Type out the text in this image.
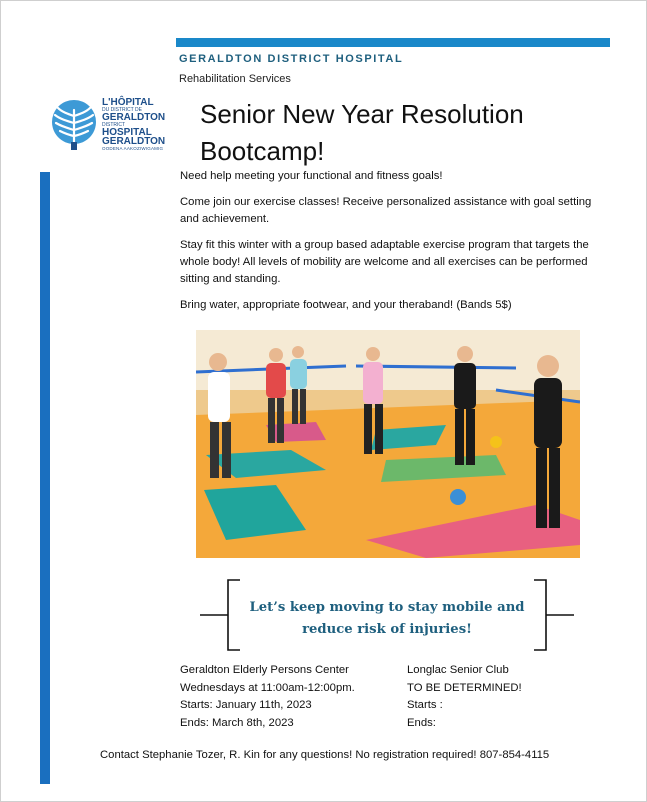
GERALDTON DISTRICT HOSPITAL
Rehabilitation Services
L'HÔPITAL
DU DISTRICT DE
GERALDTON
DISTRICT
HOSPITAL
GERALDTON
OODENA AAKOZIWIGAMIG
Senior New Year Resolution
Bootcamp!

Need help meeting your functional and fitness goals!

Come join our exercise classes! Receive personalized assistance with goal setting and achievement.

Stay fit this winter with a group based adaptable exercise program that targets the whole body! All levels of mobility are welcome and all exercises can be performed sitting and standing.

Bring water, appropriate footwear, and your theraband! (Bands 5$)

Let’s keep moving to stay mobile and
reduce risk of injuries!
Geraldton Elderly Persons Center
Wednesdays at 11:00am-12:00pm.
Starts: January 11th, 2023
Ends: March 8th, 2023
Longlac Senior Club
TO BE DETERMINED!
Starts :
Ends:
Contact Stephanie Tozer, R. Kin for any questions! No registration required! 807-854-4115
